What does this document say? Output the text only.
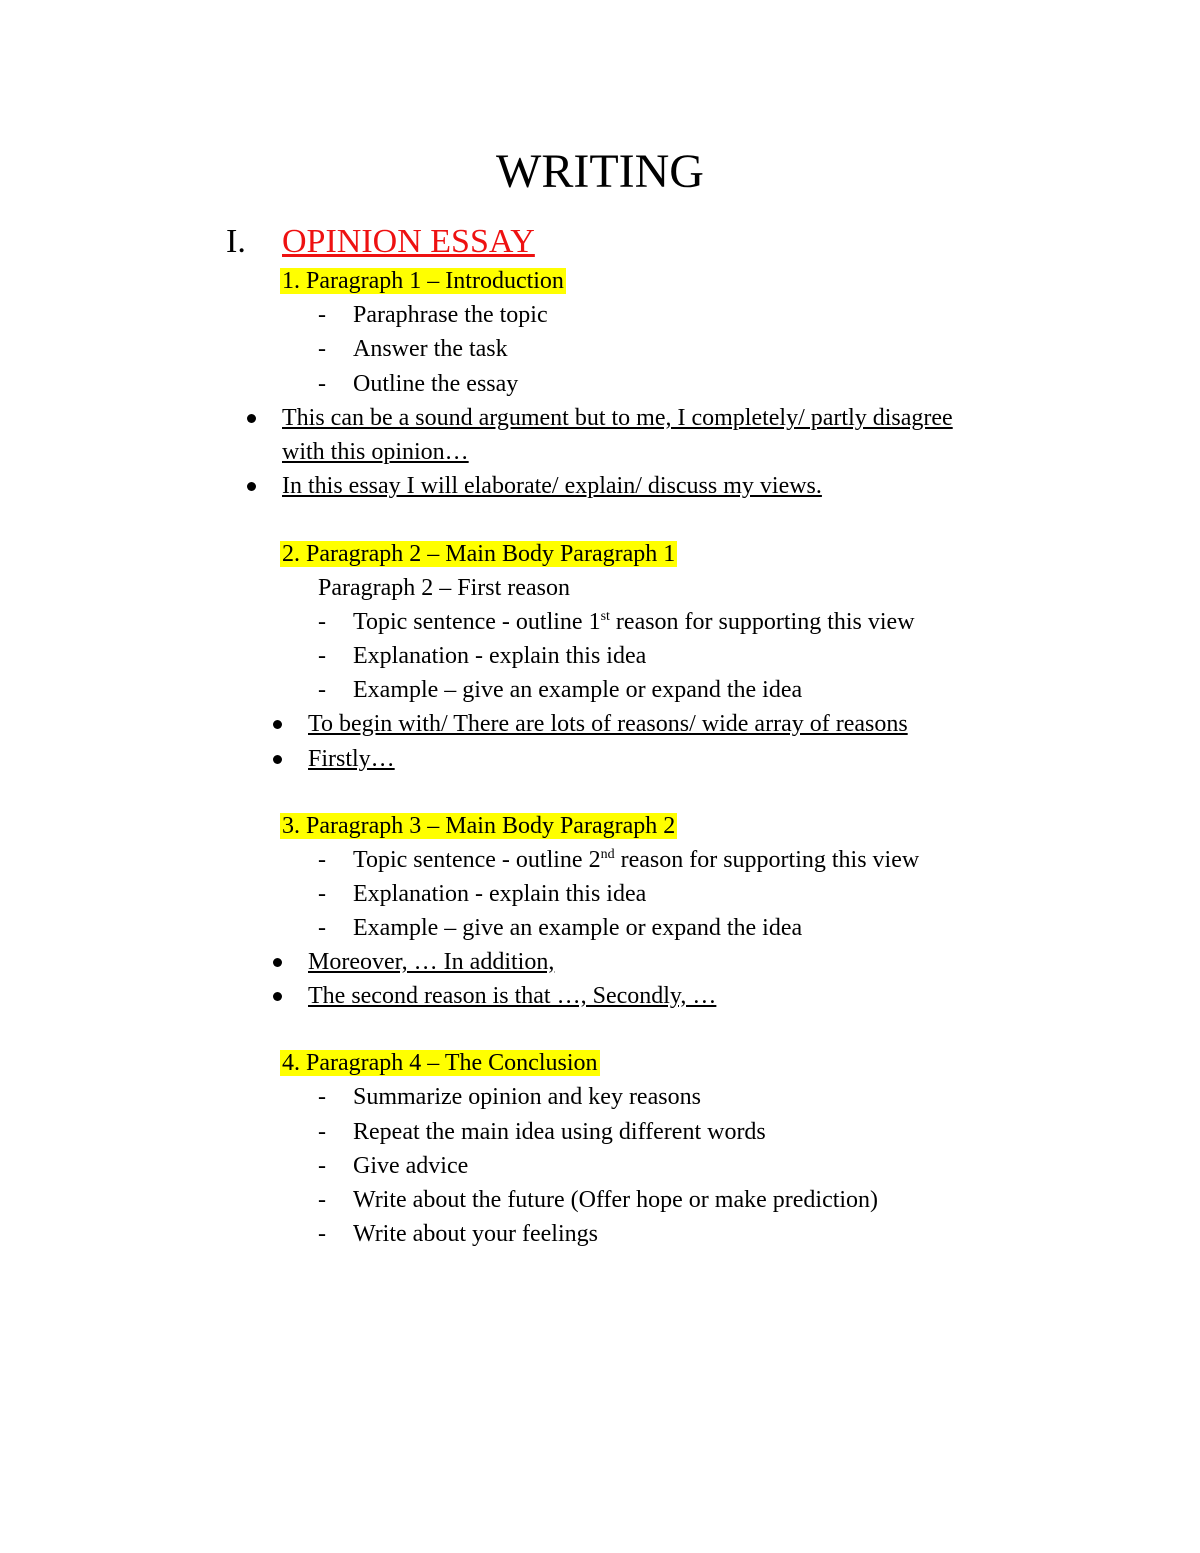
WRITING
I. OPINION ESSAY
1. Paragraph 1 – Introduction
- Paraphrase the topic
- Answer the task
- Outline the essay
This can be a sound argument but to me, I completely/ partly disagree
with this opinion…
In this essay I will elaborate/ explain/ discuss my views.
2. Paragraph 2 – Main Body Paragraph 1
Paragraph 2 – First reason
- Topic sentence - outline 1st reason for supporting this view
- Explanation - explain this idea
- Example – give an example or expand the idea
To begin with/ There are lots of reasons/ wide array of reasons
Firstly…
3. Paragraph 3 – Main Body Paragraph 2
- Topic sentence - outline 2nd reason for supporting this view
- Explanation - explain this idea
- Example – give an example or expand the idea
Moreover, … In addition,
The second reason is that …, Secondly, …
4. Paragraph 4 – The Conclusion
- Summarize opinion and key reasons
- Repeat the main idea using different words
- Give advice
- Write about the future (Offer hope or make prediction)
- Write about your feelings
